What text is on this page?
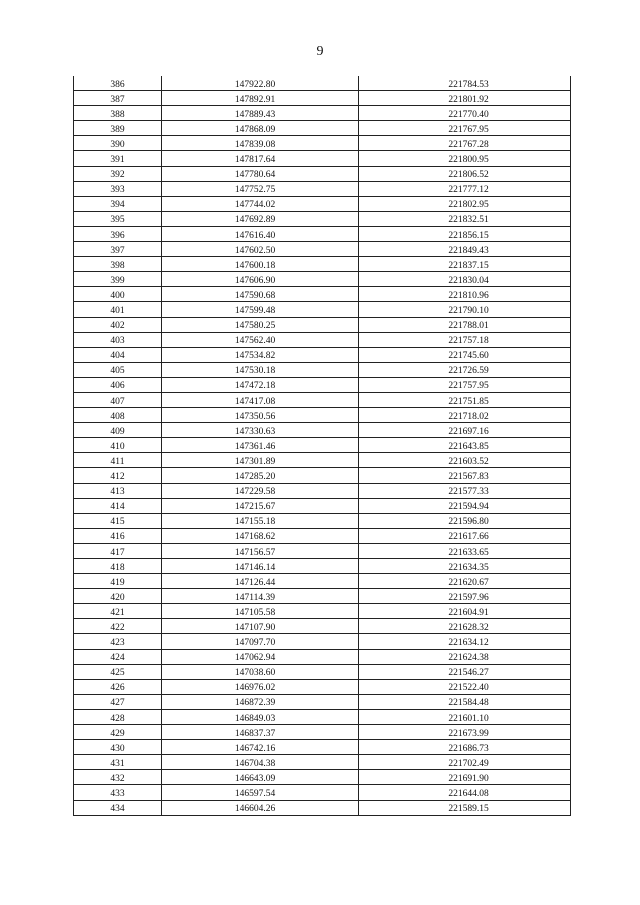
9
386	147922.80	221784.53
387	147892.91	221801.92
388	147889.43	221770.40
389	147868.09	221767.95
390	147839.08	221767.28
391	147817.64	221800.95
392	147780.64	221806.52
393	147752.75	221777.12
394	147744.02	221802.95
395	147692.89	221832.51
396	147616.40	221856.15
397	147602.50	221849.43
398	147600.18	221837.15
399	147606.90	221830.04
400	147590.68	221810.96
401	147599.48	221790.10
402	147580.25	221788.01
403	147562.40	221757.18
404	147534.82	221745.60
405	147530.18	221726.59
406	147472.18	221757.95
407	147417.08	221751.85
408	147350.56	221718.02
409	147330.63	221697.16
410	147361.46	221643.85
411	147301.89	221603.52
412	147285.20	221567.83
413	147229.58	221577.33
414	147215.67	221594.94
415	147155.18	221596.80
416	147168.62	221617.66
417	147156.57	221633.65
418	147146.14	221634.35
419	147126.44	221620.67
420	147114.39	221597.96
421	147105.58	221604.91
422	147107.90	221628.32
423	147097.70	221634.12
424	147062.94	221624.38
425	147038.60	221546.27
426	146976.02	221522.40
427	146872.39	221584.48
428	146849.03	221601.10
429	146837.37	221673.99
430	146742.16	221686.73
431	146704.38	221702.49
432	146643.09	221691.90
433	146597.54	221644.08
434	146604.26	221589.15
